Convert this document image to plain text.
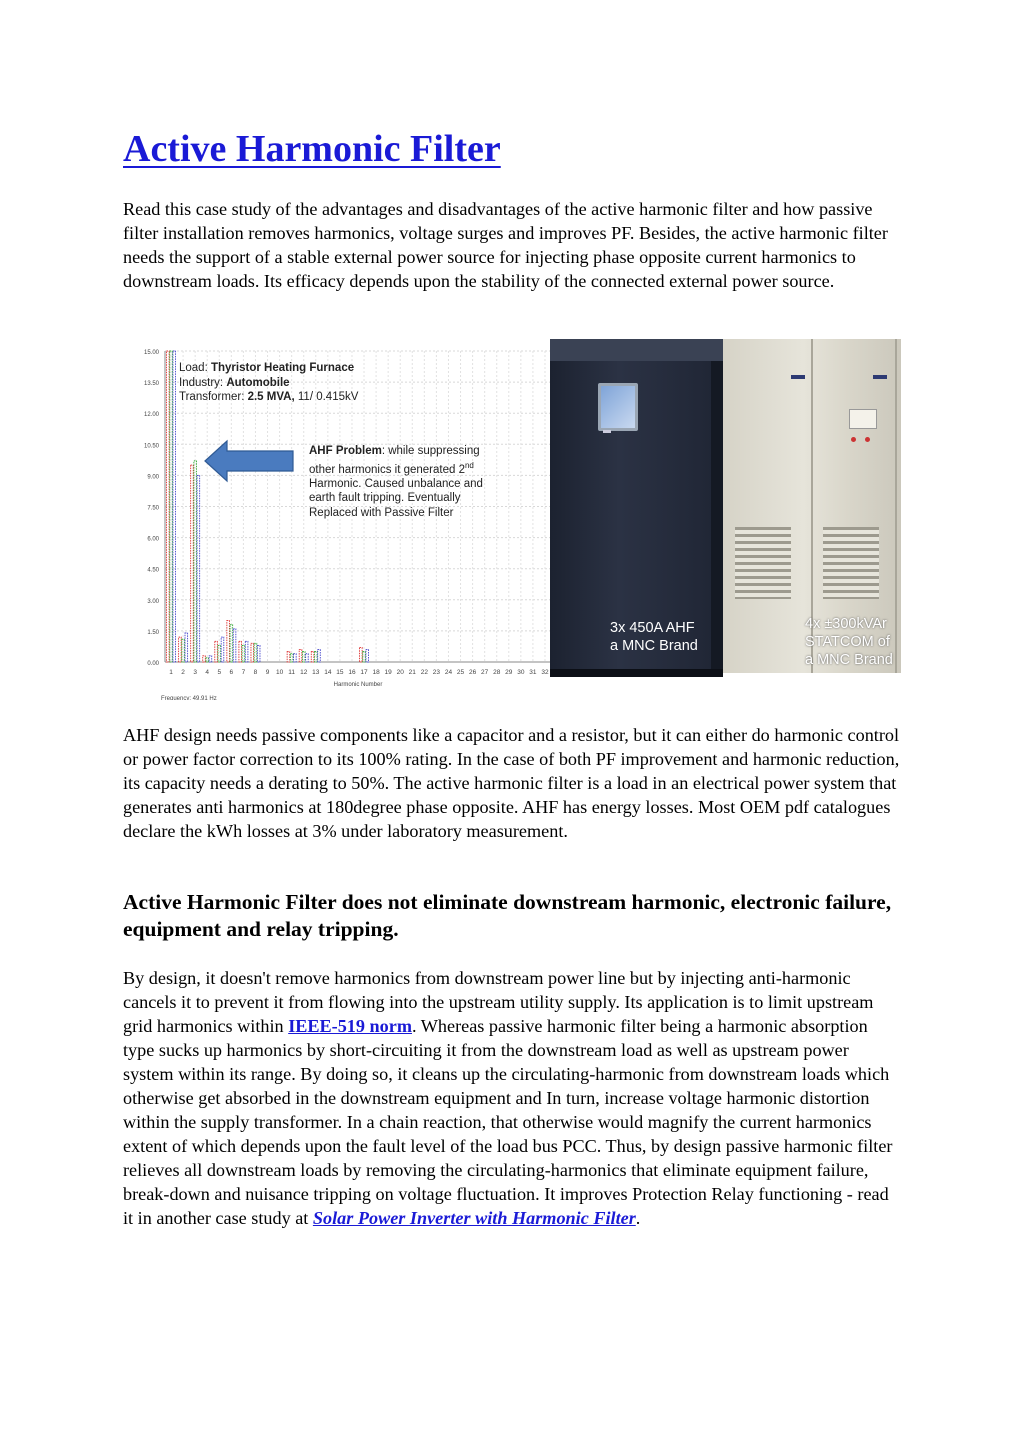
Active Harmonic Filter

Read this case study of the advantages and disadvantages of the active harmonic filter and how passive filter installation removes harmonics, voltage surges and improves PF. Besides, the active harmonic filter needs the support of a stable external power source for injecting phase opposite current harmonics to downstream loads. Its efficacy depends upon the stability of the connected external power source.

0.00
1.50
3.00
4.50
6.00
7.50
9.00
10.50
12.00
13.50
15.00
1 2 3 4 5 6 7 8 9 10 11 12 13 14 15 16 17 18 19 20 21 22 23 24 25 26 27 28 29 30 31 32
Harmonic Number
Frequency: 49.91 Hz
Load: Thyristor Heating Furnace
Industry: Automobile
Transformer: 2.5 MVA, 11/ 0.415kV
AHF Problem: while suppressing other harmonics it generated 2nd Harmonic. Caused unbalance and earth fault tripping. Eventually Replaced with Passive Filter
3x 450A AHF
a MNC Brand
4x ±300kVAr
STATCOM of
a MNC Brand

AHF design needs passive components like a capacitor and a resistor, but it can either do harmonic control or power factor correction to its 100% rating. In the case of both PF improvement and harmonic reduction, its capacity needs a derating to 50%. The active harmonic filter is a load in an electrical power system that generates anti harmonics at 180degree phase opposite. AHF has energy losses. Most OEM pdf catalogues declare the kWh losses at 3% under laboratory measurement.

Active Harmonic Filter does not eliminate downstream harmonic, electronic failure, equipment and relay tripping.

By design, it doesn't remove harmonics from downstream power line but by injecting anti-harmonic cancels it to prevent it from flowing into the upstream utility supply. Its application is to limit upstream grid harmonics within IEEE-519 norm. Whereas passive harmonic filter being a harmonic absorption type sucks up harmonics by short-circuiting it from the downstream load as well as upstream power system within its range. By doing so, it cleans up the circulating-harmonic from downstream loads which otherwise get absorbed in the downstream equipment and In turn, increase voltage harmonic distortion within the supply transformer. In a chain reaction, that otherwise would magnify the current harmonics extent of which depends upon the fault level of the load bus PCC. Thus, by design passive harmonic filter relieves all downstream loads by removing the circulating-harmonics that eliminate equipment failure, break-down and nuisance tripping on voltage fluctuation. It improves Protection Relay functioning - read it in another case study at Solar Power Inverter with Harmonic Filter.
